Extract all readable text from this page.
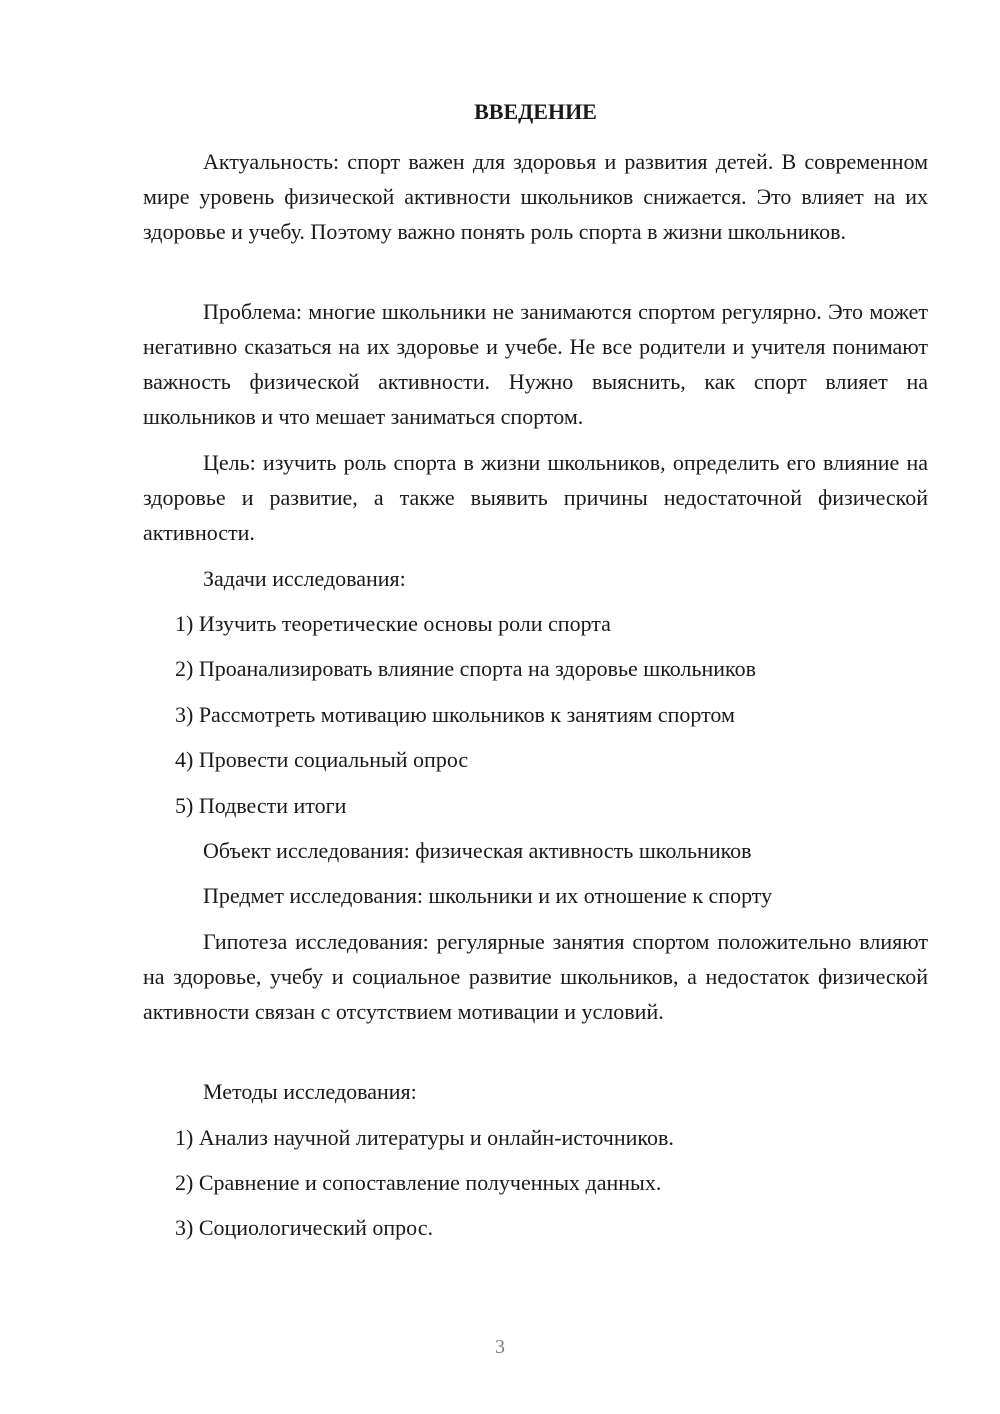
ВВЕДЕНИЕ

Актуальность: спорт важен для здоровья и развития детей. В современном мире уровень физической активности школьников снижается. Это влияет на их здоровье и учебу. Поэтому важно понять роль спорта в жизни школьников.

Проблема: многие школьники не занимаются спортом регулярно. Это может негативно сказаться на их здоровье и учебе. Не все родители и учителя понимают важность физической активности. Нужно выяснить, как спорт влияет на школьников и что мешает заниматься спортом.

Цель: изучить роль спорта в жизни школьников, определить его влияние на здоровье и развитие, а также выявить причины недостаточной физической активности.

Задачи исследования:

1) Изучить теоретические основы роли спорта

2) Проанализировать влияние спорта на здоровье школьников

3) Рассмотреть мотивацию школьников к занятиям спортом

4) Провести социальный опрос

5) Подвести итоги

Объект исследования: физическая активность школьников

Предмет исследования: школьники и их отношение к спорту

Гипотеза исследования: регулярные занятия спортом положительно влияют на здоровье, учебу и социальное развитие школьников, а недостаток физической активности связан с отсутствием мотивации и условий.

Методы исследования:

1) Анализ научной литературы и онлайн-источников.

2) Сравнение и сопоставление полученных данных.

3) Социологический опрос.

3
